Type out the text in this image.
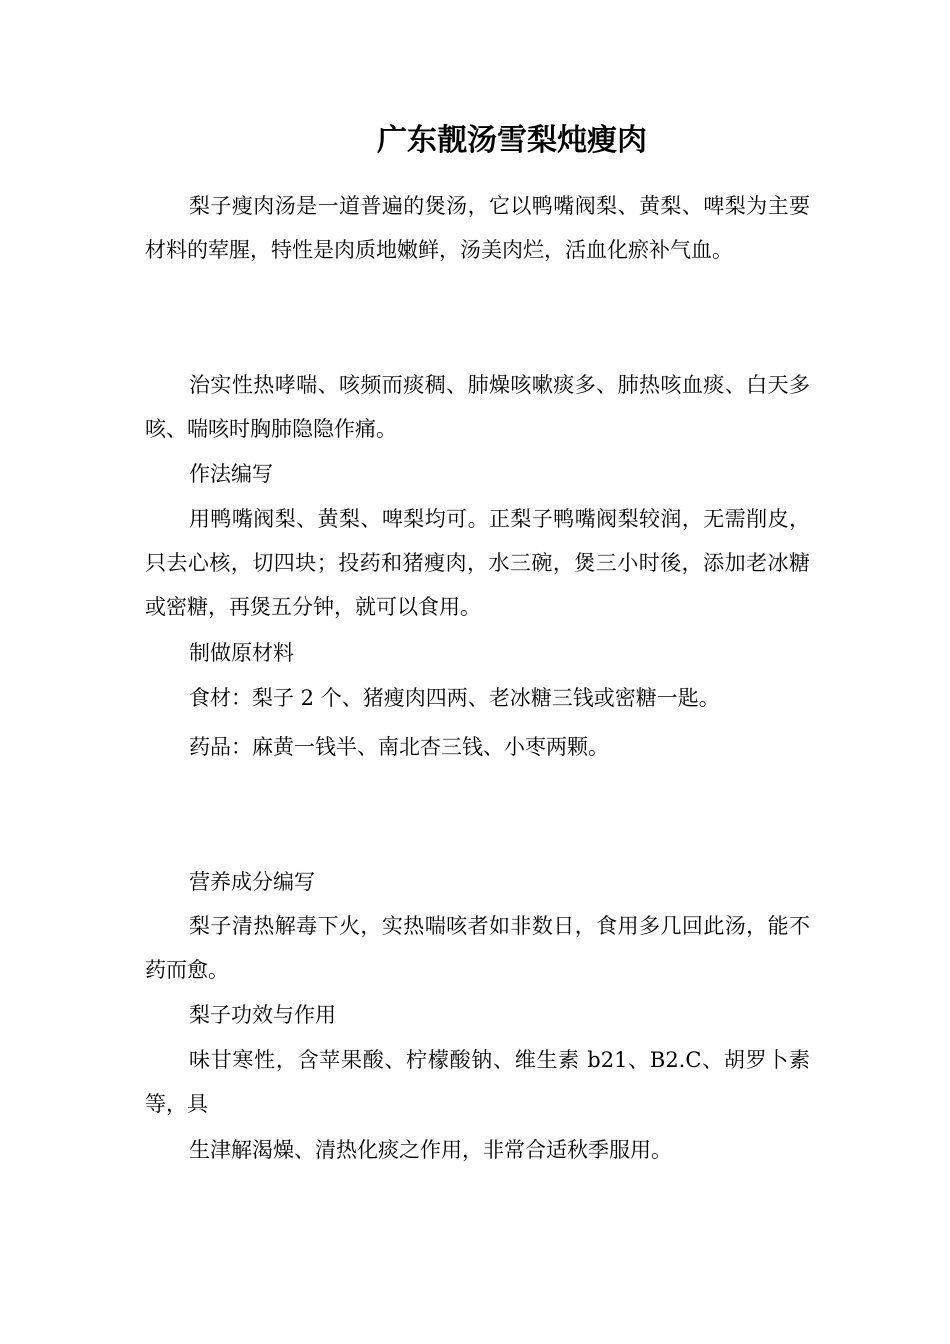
广东靓汤雪梨炖瘦肉

梨子瘦肉汤是一道普遍的煲汤，它以鸭嘴阀梨、黄梨、啤梨为主要材料的荤腥，特性是肉质地嫩鲜，汤美肉烂，活血化瘀补气血。

治实性热哮喘、咳频而痰稠、肺燥咳嗽痰多、肺热咳血痰、白天多咳、喘咳时胸肺隐隐作痛。

作法编写

用鸭嘴阀梨、黄梨、啤梨均可。正梨子鸭嘴阀梨较润，无需削皮，只去心核，切四块；投药和猪瘦肉，水三碗，煲三小时後，添加老冰糖或密糖，再煲五分钟，就可以食用。

制做原材料

食材：梨子 2 个、猪瘦肉四两、老冰糖三钱或密糖一匙。

药品：麻黄一钱半、南北杏三钱、小枣两颗。

营养成分编写

梨子清热解毒下火，实热喘咳者如非数日，食用多几回此汤，能不药而愈。

梨子功效与作用

味甘寒性，含苹果酸、柠檬酸钠、维生素 b21、B2.C、胡罗卜素等，具

生津解渴燥、清热化痰之作用，非常合适秋季服用。
